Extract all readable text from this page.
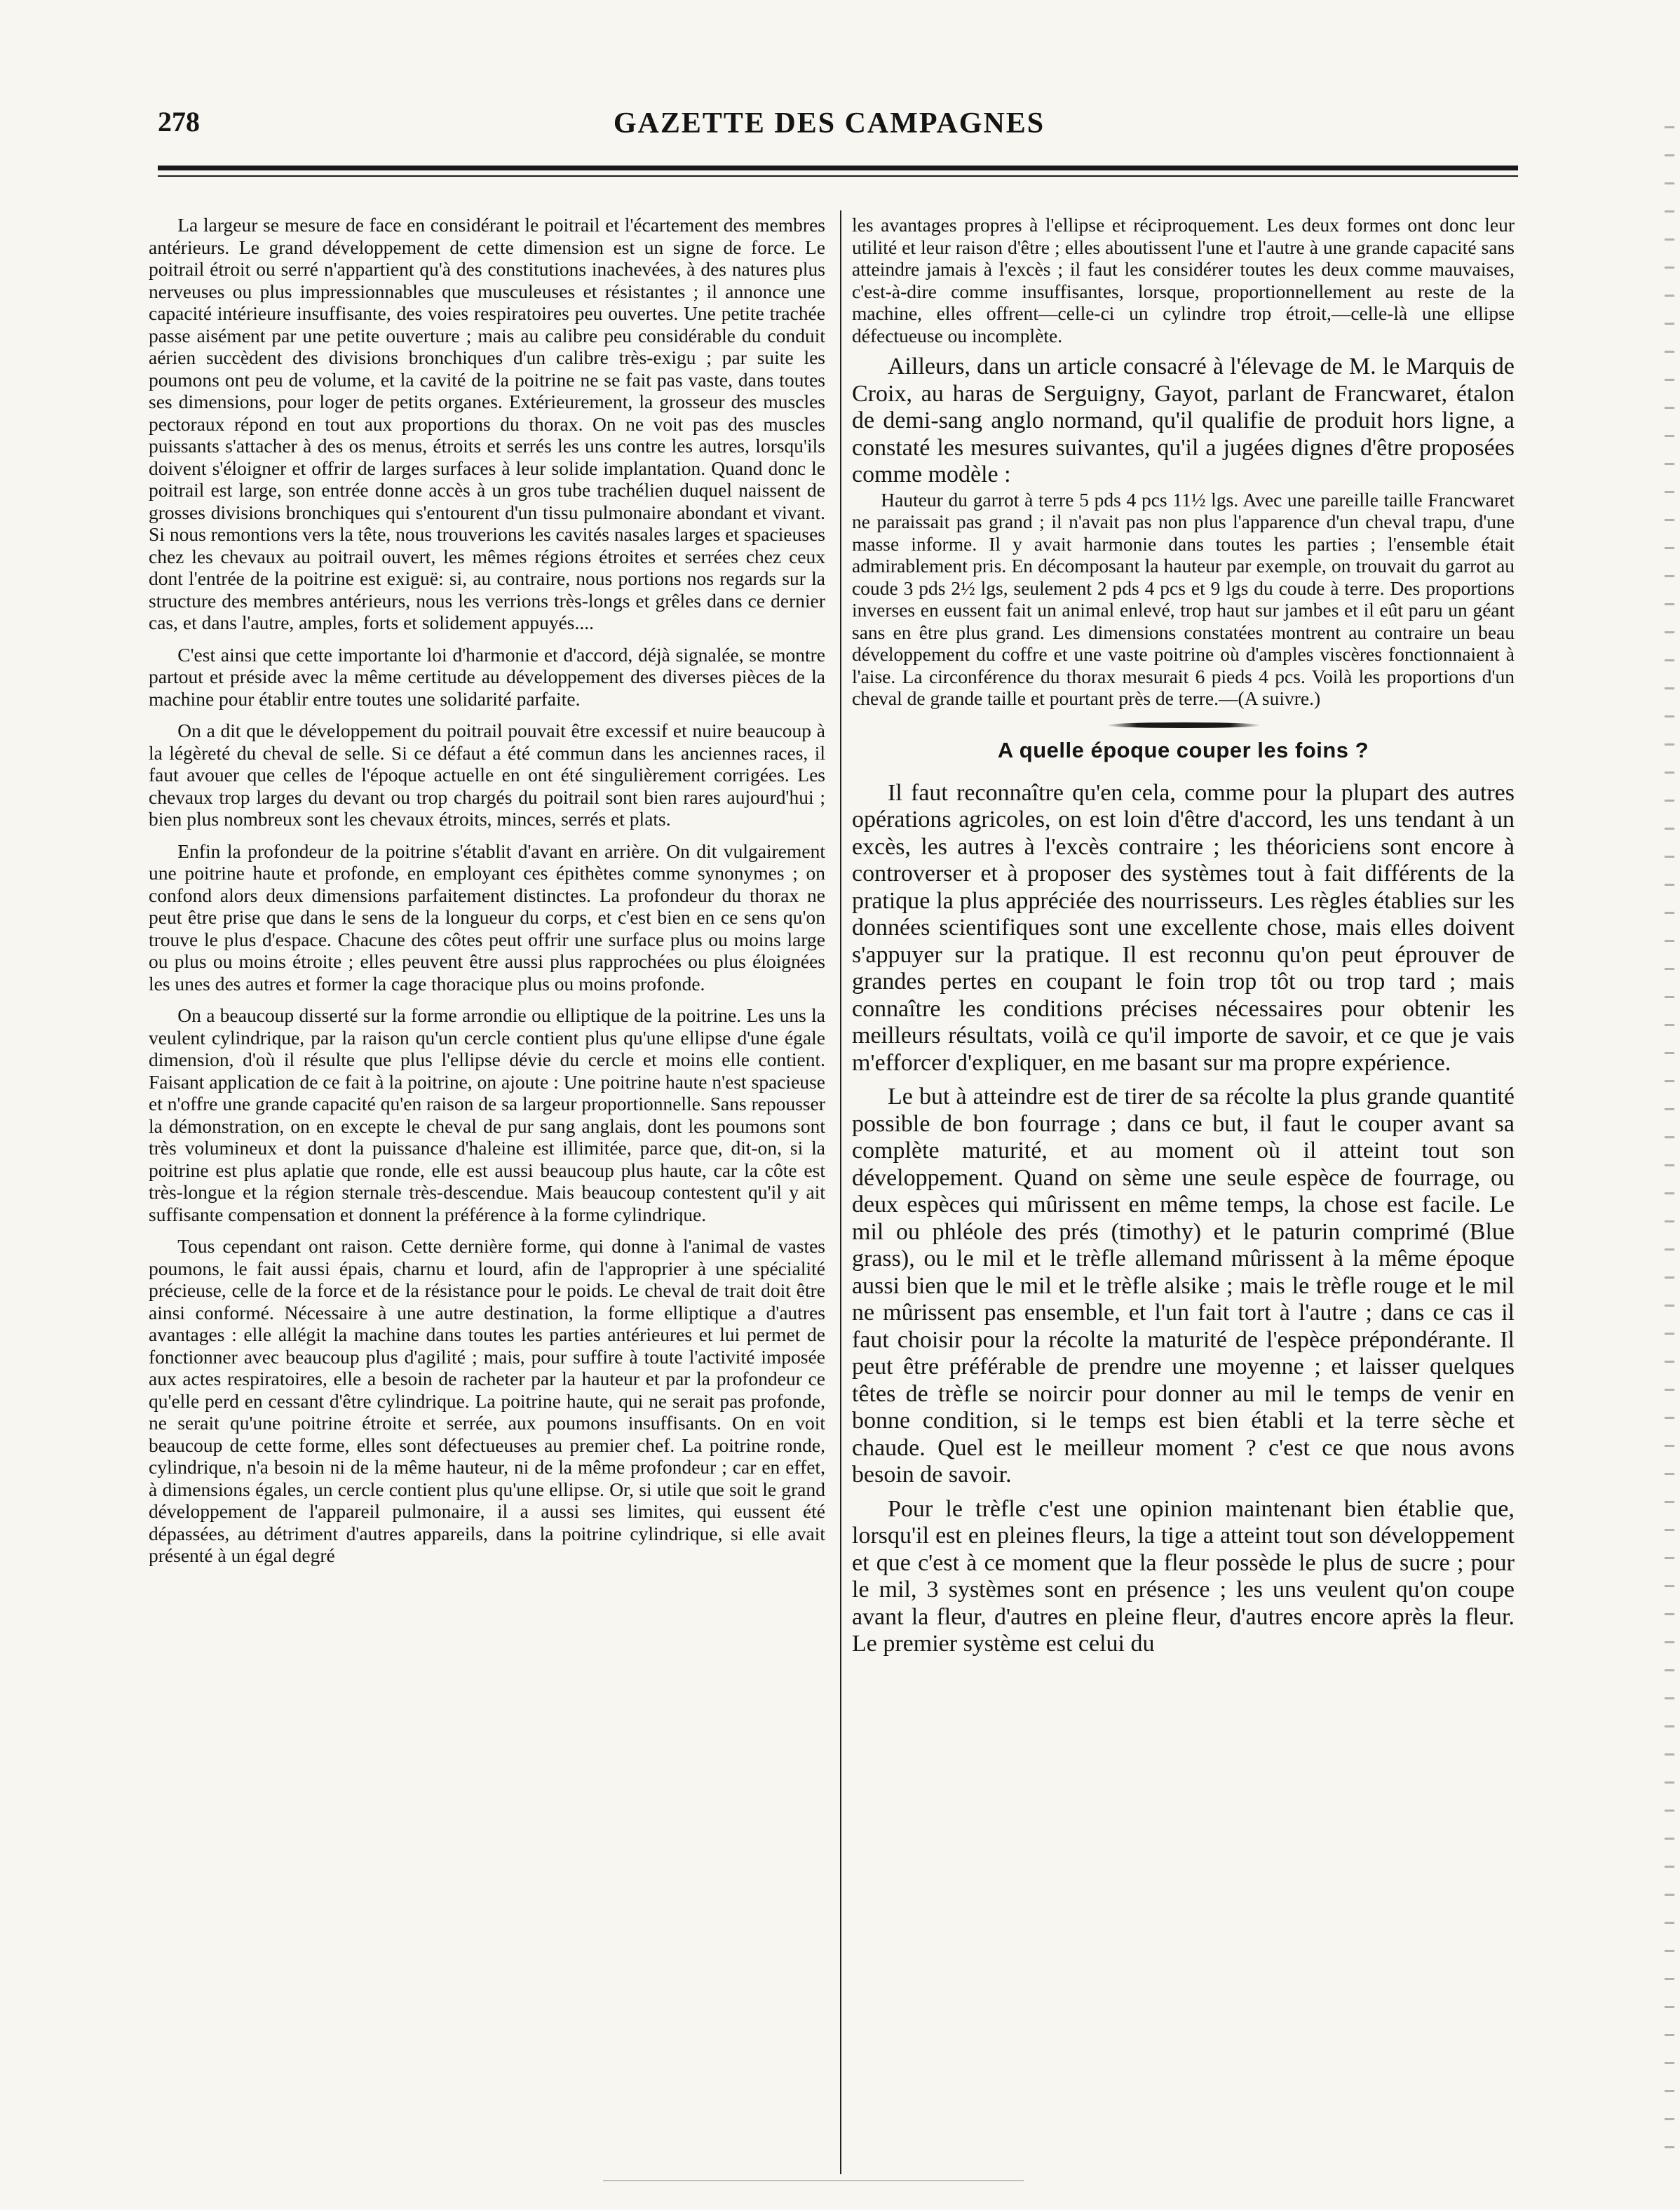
278	GAZETTE DES CAMPAGNES

La largeur se mesure de face en considérant le poitrail et l'écartement des membres antérieurs. Le grand développement de cette dimension est un signe de force. Le poitrail étroit ou serré n'appartient qu'à des constitutions inachevées, à des natures plus nerveuses ou plus impressionnables que musculeuses et résistantes ; il annonce une capacité intérieure insuffisante, des voies respiratoires peu ouvertes. Une petite trachée passe aisément par une petite ouverture ; mais au calibre peu considérable du conduit aérien succèdent des divisions bronchiques d'un calibre très-exigu ; par suite les poumons ont peu de volume, et la cavité de la poitrine ne se fait pas vaste, dans toutes ses dimensions, pour loger de petits organes. Extérieurement, la grosseur des muscles pectoraux répond en tout aux proportions du thorax. On ne voit pas des muscles puissants s'attacher à des os menus, étroits et serrés les uns contre les autres, lorsqu'ils doivent s'éloigner et offrir de larges surfaces à leur solide implantation. Quand donc le poitrail est large, son entrée donne accès à un gros tube trachélien duquel naissent de grosses divisions bronchiques qui s'entourent d'un tissu pulmonaire abondant et vivant. Si nous remontions vers la tête, nous trouverions les cavités nasales larges et spacieuses chez les chevaux au poitrail ouvert, les mêmes régions étroites et serrées chez ceux dont l'entrée de la poitrine est exiguë: si, au contraire, nous portions nos regards sur la structure des membres antérieurs, nous les verrions très-longs et grêles dans ce dernier cas, et dans l'autre, amples, forts et solidement appuyés....

C'est ainsi que cette importante loi d'harmonie et d'accord, déjà signalée, se montre partout et préside avec la même certitude au développement des diverses pièces de la machine pour établir entre toutes une solidarité parfaite.

On a dit que le développement du poitrail pouvait être excessif et nuire beaucoup à la légèreté du cheval de selle. Si ce défaut a été commun dans les anciennes races, il faut avouer que celles de l'époque actuelle en ont été singulièrement corrigées. Les chevaux trop larges du devant ou trop chargés du poitrail sont bien rares aujourd'hui ; bien plus nombreux sont les chevaux étroits, minces, serrés et plats.

Enfin la profondeur de la poitrine s'établit d'avant en arrière. On dit vulgairement une poitrine haute et profonde, en employant ces épithètes comme synonymes ; on confond alors deux dimensions parfaitement distinctes. La profondeur du thorax ne peut être prise que dans le sens de la longueur du corps, et c'est bien en ce sens qu'on trouve le plus d'espace. Chacune des côtes peut offrir une surface plus ou moins large ou plus ou moins étroite ; elles peuvent être aussi plus rapprochées ou plus éloignées les unes des autres et former la cage thoracique plus ou moins profonde.

On a beaucoup disserté sur la forme arrondie ou elliptique de la poitrine. Les uns la veulent cylindrique, par la raison qu'un cercle contient plus qu'une ellipse d'une égale dimension, d'où il résulte que plus l'ellipse dévie du cercle et moins elle contient. Faisant application de ce fait à la poitrine, on ajoute : Une poitrine haute n'est spacieuse et n'offre une grande capacité qu'en raison de sa largeur proportionnelle. Sans repousser la démonstration, on en excepte le cheval de pur sang anglais, dont les poumons sont très volumineux et dont la puissance d'haleine est illimitée, parce que, dit-on, si la poitrine est plus aplatie que ronde, elle est aussi beaucoup plus haute, car la côte est très-longue et la région sternale très-descendue. Mais beaucoup contestent qu'il y ait suffisante compensation et donnent la préférence à la forme cylindrique.

Tous cependant ont raison. Cette dernière forme, qui donne à l'animal de vastes poumons, le fait aussi épais, charnu et lourd, afin de l'approprier à une spécialité précieuse, celle de la force et de la résistance pour le poids. Le cheval de trait doit être ainsi conformé. Nécessaire à une autre destination, la forme elliptique a d'autres avantages : elle allégit la machine dans toutes les parties antérieures et lui permet de fonctionner avec beaucoup plus d'agilité ; mais, pour suffire à toute l'activité imposée aux actes respiratoires, elle a besoin de racheter par la hauteur et par la profondeur ce qu'elle perd en cessant d'être cylindrique. La poitrine haute, qui ne serait pas profonde, ne serait qu'une poitrine étroite et serrée, aux poumons insuffisants. On en voit beaucoup de cette forme, elles sont défectueuses au premier chef. La poitrine ronde, cylindrique, n'a besoin ni de la même hauteur, ni de la même profondeur ; car en effet, à dimensions égales, un cercle contient plus qu'une ellipse. Or, si utile que soit le grand développement de l'appareil pulmonaire, il a aussi ses limites, qui eussent été dépassées, au détriment d'autres appareils, dans la poitrine cylindrique, si elle avait présenté à un égal degré

les avantages propres à l'ellipse et réciproquement. Les deux formes ont donc leur utilité et leur raison d'être ; elles aboutissent l'une et l'autre à une grande capacité sans atteindre jamais à l'excès ; il faut les considérer toutes les deux comme mauvaises, c'est-à-dire comme insuffisantes, lorsque, proportionnellement au reste de la machine, elles offrent—celle-ci un cylindre trop étroit,—celle-là une ellipse défectueuse ou incomplète.

Ailleurs, dans un article consacré à l'élevage de M. le Marquis de Croix, au haras de Serguigny, Gayot, parlant de Francwaret, étalon de demi-sang anglo normand, qu'il qualifie de produit hors ligne, a constaté les mesures suivantes, qu'il a jugées dignes d'être proposées comme modèle :

Hauteur du garrot à terre 5 pds 4 pcs 11½ lgs. Avec une pareille taille Francwaret ne paraissait pas grand ; il n'avait pas non plus l'apparence d'un cheval trapu, d'une masse informe. Il y avait harmonie dans toutes les parties ; l'ensemble était admirablement pris. En décomposant la hauteur par exemple, on trouvait du garrot au coude 3 pds 2½ lgs, seulement 2 pds 4 pcs et 9 lgs du coude à terre. Des proportions inverses en eussent fait un animal enlevé, trop haut sur jambes et il eût paru un géant sans en être plus grand. Les dimensions constatées montrent au contraire un beau développement du coffre et une vaste poitrine où d'amples viscères fonctionnaient à l'aise. La circonférence du thorax mesurait 6 pieds 4 pcs. Voilà les proportions d'un cheval de grande taille et pourtant près de terre.—(A suivre.)

A quelle époque couper les foins ?

Il faut reconnaître qu'en cela, comme pour la plupart des autres opérations agricoles, on est loin d'être d'accord, les uns tendant à un excès, les autres à l'excès contraire ; les théoriciens sont encore à controverser et à proposer des systèmes tout à fait différents de la pratique la plus appréciée des nourrisseurs. Les règles établies sur les données scientifiques sont une excellente chose, mais elles doivent s'appuyer sur la pratique. Il est reconnu qu'on peut éprouver de grandes pertes en coupant le foin trop tôt ou trop tard ; mais connaître les conditions précises nécessaires pour obtenir les meilleurs résultats, voilà ce qu'il importe de savoir, et ce que je vais m'efforcer d'expliquer, en me basant sur ma propre expérience.

Le but à atteindre est de tirer de sa récolte la plus grande quantité possible de bon fourrage ; dans ce but, il faut le couper avant sa complète maturité, et au moment où il atteint tout son développement. Quand on sème une seule espèce de fourrage, ou deux espèces qui mûrissent en même temps, la chose est facile. Le mil ou phléole des prés (timothy) et le paturin comprimé (Blue grass), ou le mil et le trèfle allemand mûrissent à la même époque aussi bien que le mil et le trèfle alsike ; mais le trèfle rouge et le mil ne mûrissent pas ensemble, et l'un fait tort à l'autre ; dans ce cas il faut choisir pour la récolte la maturité de l'espèce prépondérante. Il peut être préférable de prendre une moyenne ; et laisser quelques têtes de trèfle se noircir pour donner au mil le temps de venir en bonne condition, si le temps est bien établi et la terre sèche et chaude. Quel est le meilleur moment ? c'est ce que nous avons besoin de savoir.

Pour le trèfle c'est une opinion maintenant bien établie que, lorsqu'il est en pleines fleurs, la tige a atteint tout son développement et que c'est à ce moment que la fleur possède le plus de sucre ; pour le mil, 3 systèmes sont en présence ; les uns veulent qu'on coupe avant la fleur, d'autres en pleine fleur, d'autres encore après la fleur. Le premier système est celui du
